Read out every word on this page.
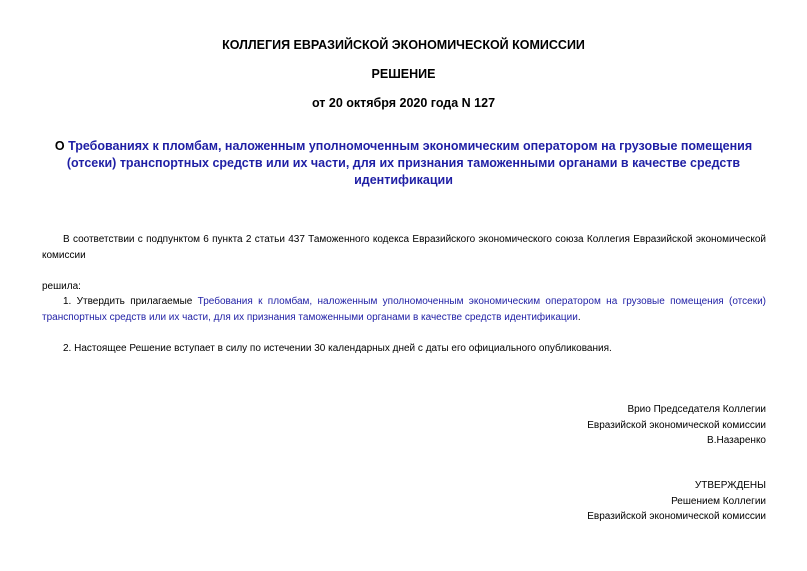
КОЛЛЕГИЯ ЕВРАЗИЙСКОЙ ЭКОНОМИЧЕСКОЙ КОМИССИИ
РЕШЕНИЕ
от 20 октября 2020 года N 127
О Требованиях к пломбам, наложенным уполномоченным экономическим оператором на грузовые помещения (отсеки) транспортных средств или их части, для их признания таможенными органами в качестве средств идентификации
В соответствии с подпунктом 6 пункта 2 статьи 437 Таможенного кодекса Евразийского экономического союза Коллегия Евразийской экономической комиссии
решила:
1. Утвердить прилагаемые Требования к пломбам, наложенным уполномоченным экономическим оператором на грузовые помещения (отсеки) транспортных средств или их части, для их признания таможенными органами в качестве средств идентификации.
2. Настоящее Решение вступает в силу по истечении 30 календарных дней с даты его официального опубликования.
Врио Председателя Коллегии
Евразийской экономической комиссии
В.Назаренко
УТВЕРЖДЕНЫ
Решением Коллегии
Евразийской экономической комиссии
